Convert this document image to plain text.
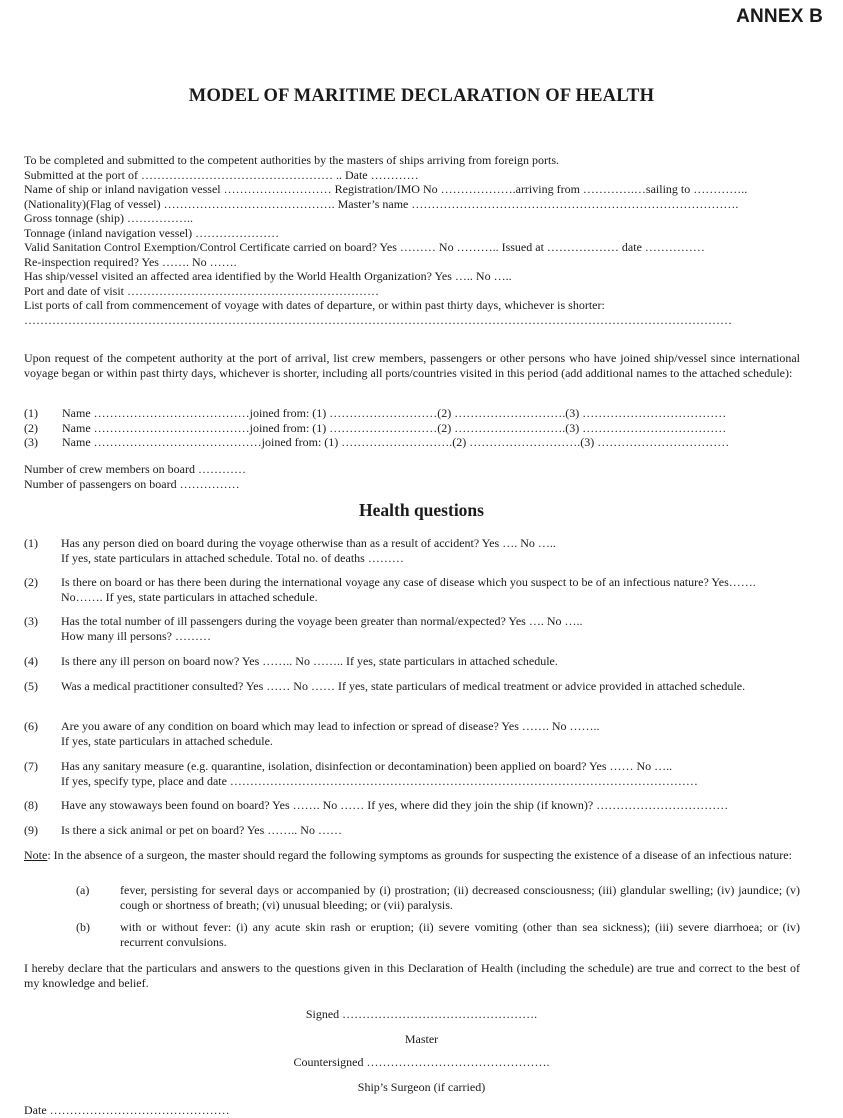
ANNEX B
MODEL OF MARITIME DECLARATION OF HEALTH

To be completed and submitted to the competent authorities by the masters of ships arriving from foreign ports.

Submitted at the port of ………………………………………… .. Date …………

Name of ship or inland navigation vessel ……………………… Registration/IMO No ……………….arriving from ………….…sailing to …………..

(Nationality)(Flag of vessel) ……………………………………. Master’s name ……………………………………………………………………….

Gross tonnage (ship) ……………..

Tonnage (inland navigation vessel) …………………

Valid Sanitation Control Exemption/Control Certificate carried on board? Yes ……… No ……….. Issued at ……………… date ……………

Re-inspection required? Yes ……. No …….

Has ship/vessel visited an affected area identified by the World Health Organization? Yes ….. No …..

Port and date of visit ………………………………………………………

List ports of call from commencement of voyage with dates of departure, or within past thirty days, whichever is shorter:

……………………………………………………………………………………………………………………………………………………………

Upon request of the competent authority at the port of arrival, list crew members, passengers or other persons who have joined ship/vessel since international voyage began or within past thirty days, whichever is shorter, including all ports/countries visited in this period (add additional names to the attached schedule):

(1)	Name …………………………………joined from: (1) ………………………(2) ……………………….(3) ………………………………
(2)	Name …………………………………joined from: (1) ………………………(2) ……………………….(3) ………………………………
(3)	Name ……………………………………joined from: (1) ……………………….(2) ……………………….(3) ……………………………

Number of crew members on board …………

Number of passengers on board ……………

Health questions
(1)	Has any person died on board during the voyage otherwise than as a result of accident? Yes …. No …..

If yes, state particulars in attached schedule. Total no. of deaths ………

(2)	Is there on board or has there been during the international voyage any case of disease which you suspect to be of an infectious nature? Yes……. No……. If yes, state particulars in attached schedule.

(3)	Has the total number of ill passengers during the voyage been greater than normal/expected? Yes …. No …..

How many ill persons? ………

(4)	Is there any ill person on board now? Yes …….. No …….. If yes, state particulars in attached schedule.

(5)	Was a medical practitioner consulted? Yes …… No …… If yes, state particulars of medical treatment or advice provided in attached schedule.

(6)	Are you aware of any condition on board which may lead to infection or spread of disease? Yes ……. No ……..

If yes, state particulars in attached schedule.

(7)	Has any sanitary measure (e.g. quarantine, isolation, disinfection or decontamination) been applied on board? Yes …… No …..

If yes, specify type, place and date ………………………………………………………………………………………………………

(8)	Have any stowaways been found on board? Yes ……. No …… If yes, where did they join the ship (if known)? ……………………………

(9)	Is there a sick animal or pet on board? Yes …….. No ……

Note: In the absence of a surgeon, the master should regard the following symptoms as grounds for suspecting the existence of a disease of an infectious nature:

(a)	fever, persisting for several days or accompanied by (i) prostration; (ii) decreased consciousness; (iii) glandular swelling; (iv) jaundice; (v) cough or shortness of breath; (vi) unusual bleeding; or (vii) paralysis.
(b)	with or without fever: (i) any acute skin rash or eruption; (ii) severe vomiting (other than sea sickness); (iii) severe diarrhoea; or (iv) recurrent convulsions.

I hereby declare that the particulars and answers to the questions given in this Declaration of Health (including the schedule) are true and correct to the best of my knowledge and belief.

Signed ………………………………………….
Master
Countersigned ……………………………………….
Ship’s Surgeon (if carried)
Date ………………………………………
